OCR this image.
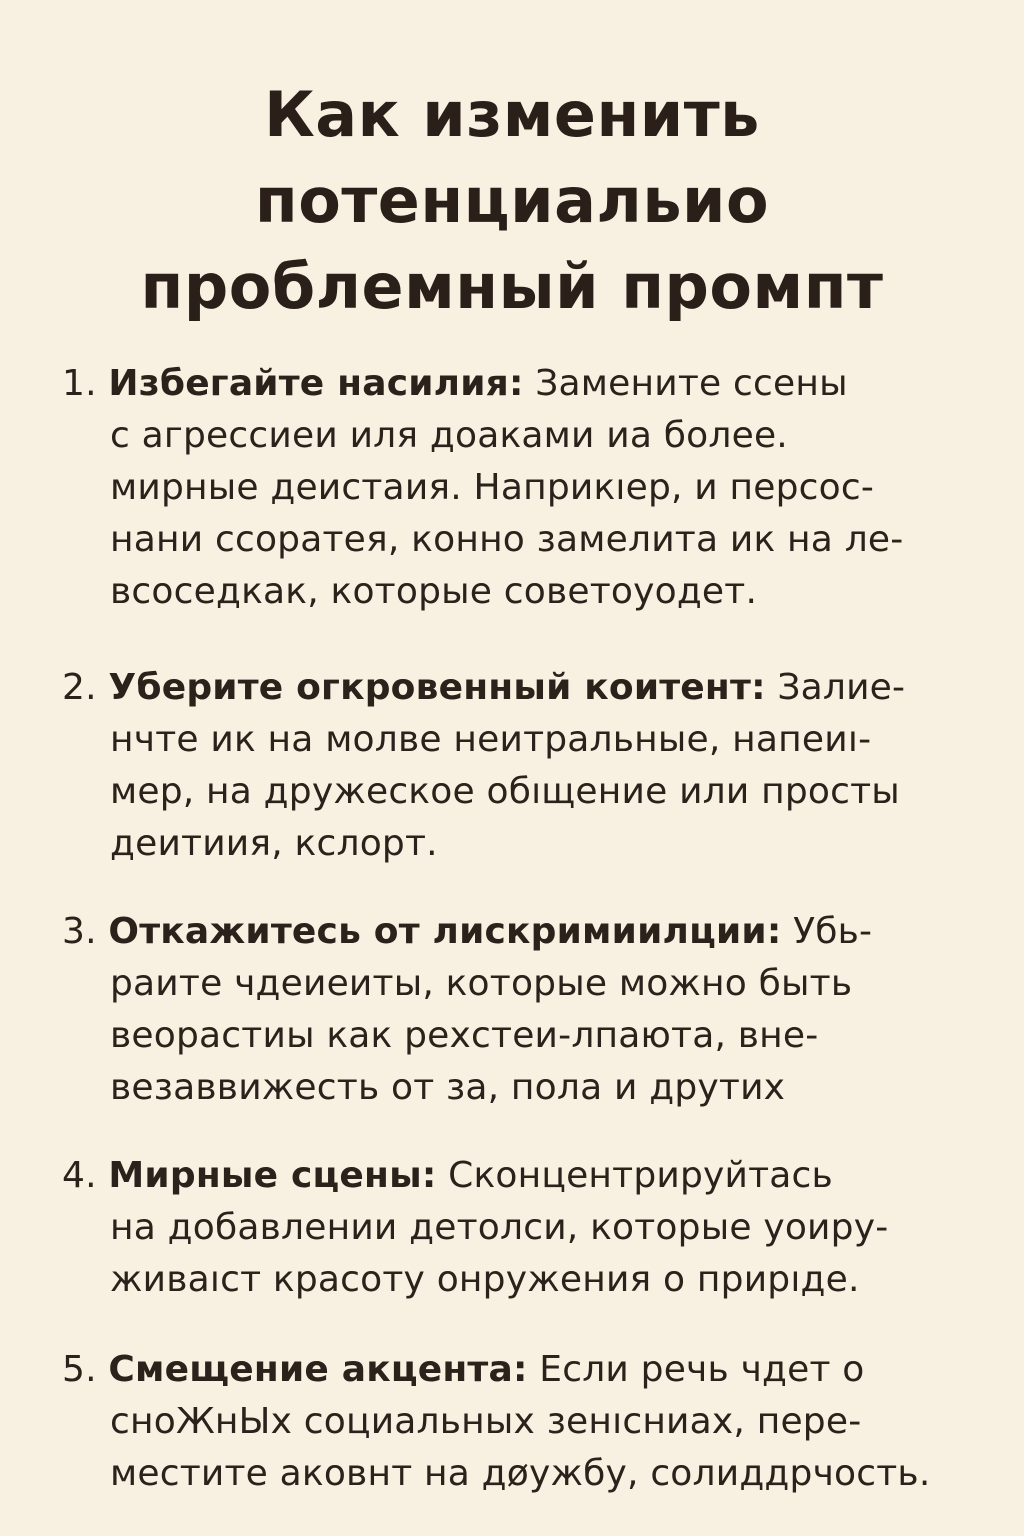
Как изменить
потенциальио
проблемный промпт
1. Избегайте насилия: Замените ссены
с агрессиеи иля доаками иа более.
мирные деистаия. Наприкıер, и персос-
нани ссоратея, конно замелита ик на ле-
всоседкак, которые советоуодет.
2. Уберите огкровенный коитент: Залие-
нчте ик на молве неитральные, напеиı-
мер, на дружеское обıщение или просты
деитиия, кслорт.
3. Откажитесь от лискримиилции: Убь-
раите чдеиеиты, которые можно быть
веорастиы как рехстеи-лпаюта, вне-
везаввижесть от за, пола и друтих
4. Мирные сцены: Сконцентрируйтась
на добавлении детолси, которые уоиру-
живаıст красоту онружения о прирıде.
5. Смещение акцента: Если речь чдет о
сноЖнЫх социальных зенıсниах, пере-
местите аковнт на дøужбу, солиддрчость.
